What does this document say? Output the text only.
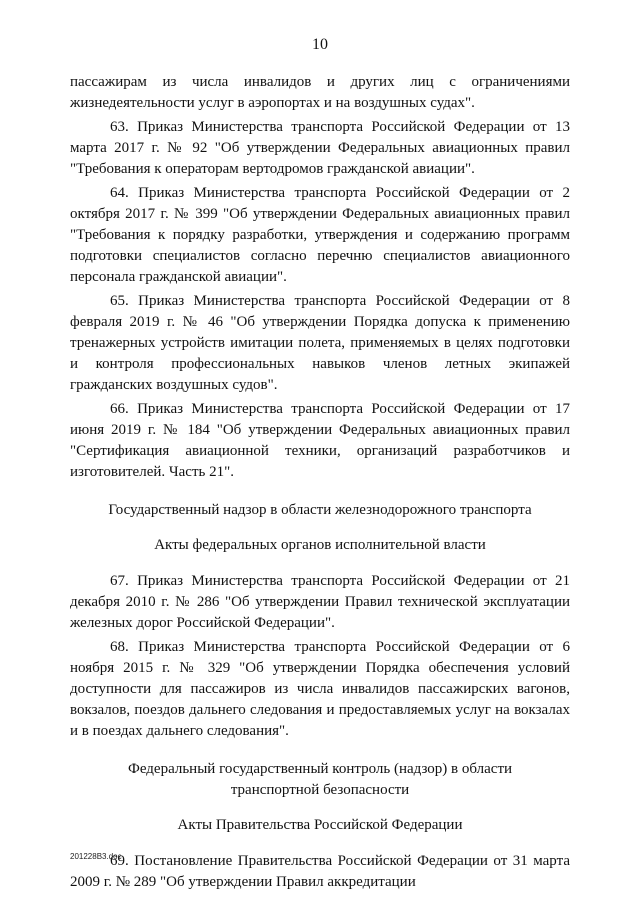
10

пассажирам из числа инвалидов и других лиц с ограничениями жизнедеятельности услуг в аэропортах и на воздушных судах".

63. Приказ Министерства транспорта Российской Федерации от 13 марта 2017 г. № 92 "Об утверждении Федеральных авиационных правил "Требования к операторам вертодромов гражданской авиации".

64. Приказ Министерства транспорта Российской Федерации от 2 октября 2017 г. № 399 "Об утверждении Федеральных авиационных правил "Требования к порядку разработки, утверждения и содержанию программ подготовки специалистов согласно перечню специалистов авиационного персонала гражданской авиации".

65. Приказ Министерства транспорта Российской Федерации от 8 февраля 2019 г. № 46 "Об утверждении Порядка допуска к применению тренажерных устройств имитации полета, применяемых в целях подготовки и контроля профессиональных навыков членов летных экипажей гражданских воздушных судов".

66. Приказ Министерства транспорта Российской Федерации от 17 июня 2019 г. № 184 "Об утверждении Федеральных авиационных правил "Сертификация авиационной техники, организаций разработчиков и изготовителей. Часть 21".

Государственный надзор в области железнодорожного транспорта

Акты федеральных органов исполнительной власти

67. Приказ Министерства транспорта Российской Федерации от 21 декабря 2010 г. № 286 "Об утверждении Правил технической эксплуатации железных дорог Российской Федерации".

68. Приказ Министерства транспорта Российской Федерации от 6 ноября 2015 г. № 329 "Об утверждении Порядка обеспечения условий доступности для пассажиров из числа инвалидов пассажирских вагонов, вокзалов, поездов дальнего следования и предоставляемых услуг на вокзалах и в поездах дальнего следования".

Федеральный государственный контроль (надзор) в области

транспортной безопасности

Акты Правительства Российской Федерации

69. Постановление Правительства Российской Федерации от 31 марта 2009 г. № 289 "Об утверждении Правил аккредитации

201228B3.doc
